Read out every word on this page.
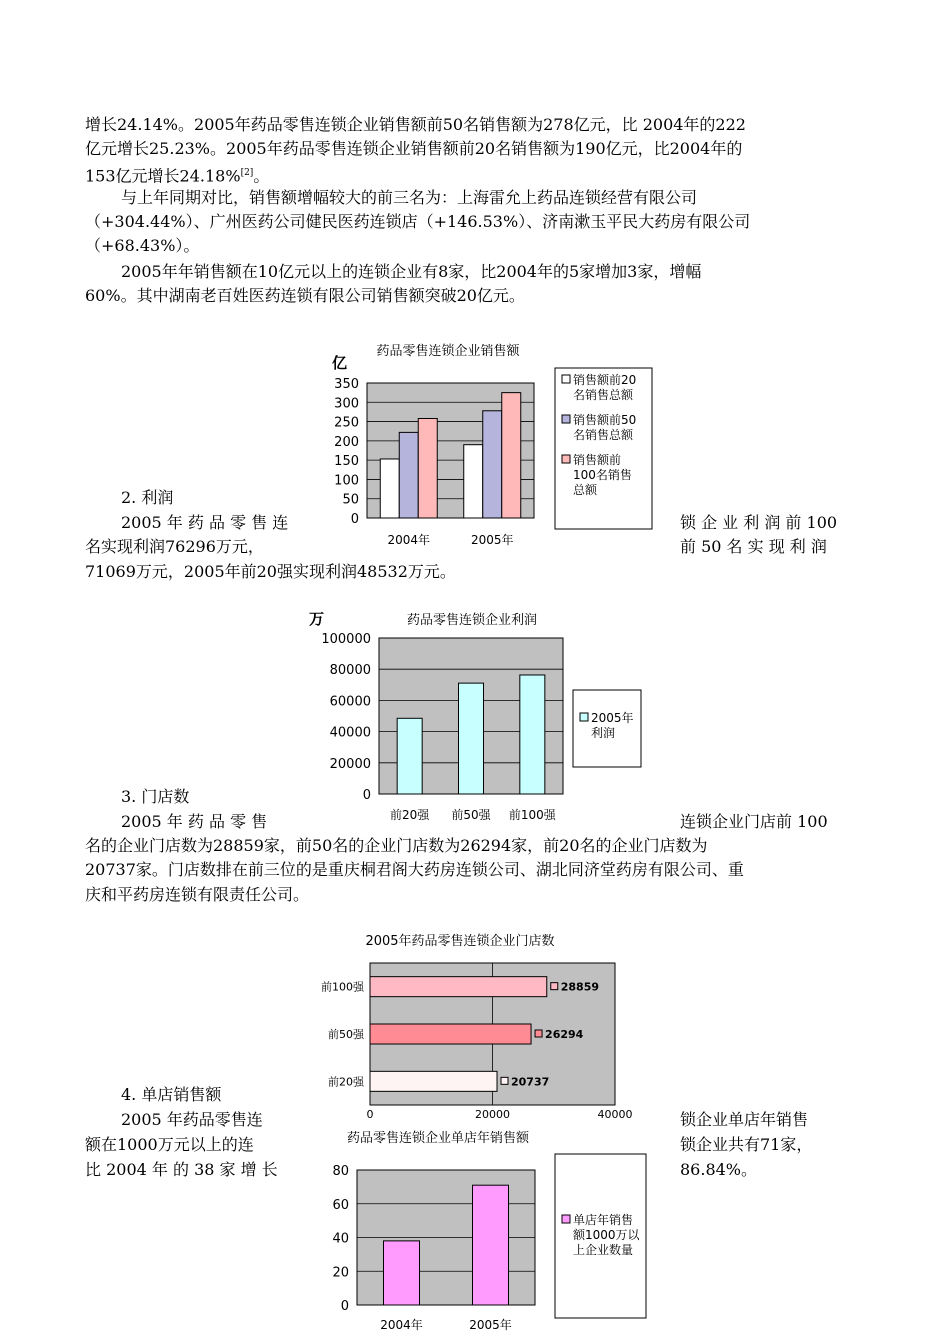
增长24.14%。2005年药品零售连锁企业销售额前50名销售额为278亿元，比 2004年的222
亿元增长25.23%。2005年药品零售连锁企业销售额前20名销售额为190亿元，比2004年的
153亿元增长24.18%[2]。
与上年同期对比，销售额增幅较大的前三名为：上海雷允上药品连锁经营有限公司
（+304.44%）、广州医药公司健民医药连锁店（+146.53%）、济南漱玉平民大药房有限公司
（+68.43%）。
2005年年销售额在10亿元以上的连锁企业有8家，比2004年的5家增加3家，增幅
60%。其中湖南老百姓医药连锁有限公司销售额突破20亿元。
2. 利润
2005 年 药 品 零 售 连	锁 企 业 利 润 前 100
名实现利润76296万元，	前 50 名 实 现 利 润
71069万元，2005年前20强实现利润48532万元。
3. 门店数
2005 年 药 品 零 售	连锁企业门店前 100
名的企业门店数为28859家，前50名的企业门店数为26294家，前20名的企业门店数为
20737家。门店数排在前三位的是重庆桐君阁大药房连锁公司、湖北同济堂药房有限公司、重
庆和平药房连锁有限责任公司。
4. 单店销售额
2005 年药品零售连	锁企业单店年销售
额在1000万元以上的连	锁企业共有71家，
比 2004 年 的 38 家 增 长	86.84%。
药品零售连锁企业销售额
亿
0
50
100
150
200
250
300
350
2004年	2005年
销售额前20
名销售总额
销售额前50
名销售总额
销售额前
100名销售
总额
药品零售连锁企业利润
万
0
20000
40000
60000
80000
100000
前20强 前50强 前100强
2005年
利润
2005年药品零售连锁企业门店数
0	20000	40000
前100强	28859
前50强	26294
前20强	20737
药品零售连锁企业单店年销售额
0
20
40
60
80
2004年	2005年
单店年销售
额1000万以
上企业数量
